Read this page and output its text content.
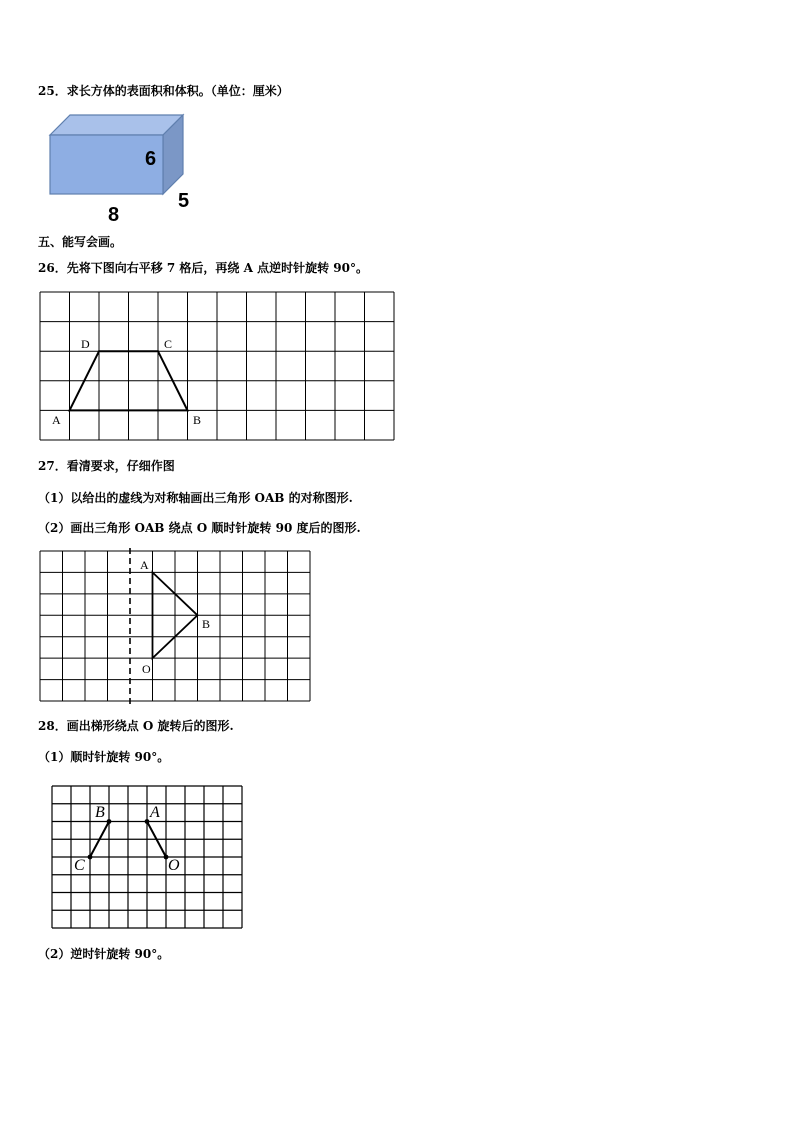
25．求长方体的表面积和体积。（单位：厘米）
6
8
5
五、能写会画。
26．先将下图向右平移 7 格后，再绕 A 点逆时针旋转 90°。
D	C
A	B
27．看清要求，仔细作图
（1）以给出的虚线为对称轴画出三角形 OAB 的对称图形.
（2）画出三角形 OAB 绕点 O 顺时针旋转 90 度后的图形.
A
B
O
28．画出梯形绕点 O 旋转后的图形.
（1）顺时针旋转 90°。
B	A
C	O
（2）逆时针旋转 90°。
